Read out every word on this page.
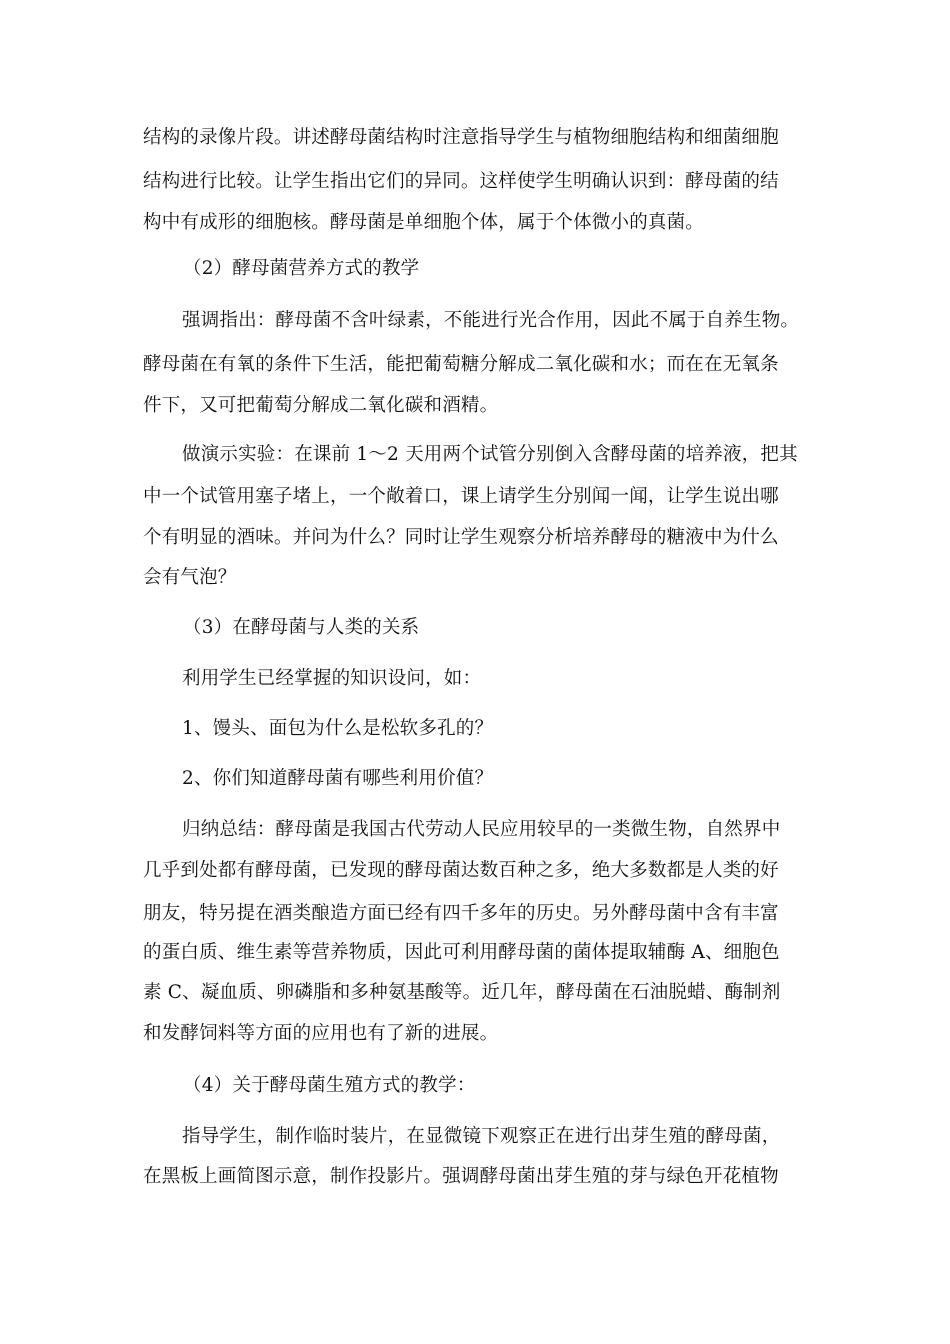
结构的录像片段。讲述酵母菌结构时注意指导学生与植物细胞结构和细菌细胞
结构进行比较。让学生指出它们的异同。这样使学生明确认识到：酵母菌的结
构中有成形的细胞核。酵母菌是单细胞个体，属于个体微小的真菌。
（2）酵母菌营养方式的教学
强调指出：酵母菌不含叶绿素，不能进行光合作用，因此不属于自养生物。
酵母菌在有氧的条件下生活，能把葡萄糖分解成二氧化碳和水；而在在无氧条
件下，又可把葡萄分解成二氧化碳和酒精。
做演示实验：在课前 1～2 天用两个试管分别倒入含酵母菌的培养液，把其
中一个试管用塞子堵上，一个敞着口，课上请学生分别闻一闻，让学生说出哪
个有明显的酒味。并问为什么？同时让学生观察分析培养酵母的糖液中为什么
会有气泡？
（3）在酵母菌与人类的关系
利用学生已经掌握的知识设问，如：
1、馒头、面包为什么是松软多孔的？
2、你们知道酵母菌有哪些利用价值？
归纳总结：酵母菌是我国古代劳动人民应用较早的一类微生物，自然界中
几乎到处都有酵母菌，已发现的酵母菌达数百种之多，绝大多数都是人类的好
朋友，特另提在酒类酿造方面已经有四千多年的历史。另外酵母菌中含有丰富
的蛋白质、维生素等营养物质，因此可利用酵母菌的菌体提取辅酶 A、细胞色
素 C、凝血质、卵磷脂和多种氨基酸等。近几年，酵母菌在石油脱蜡、酶制剂
和发酵饲料等方面的应用也有了新的进展。
（4）关于酵母菌生殖方式的教学：
指导学生，制作临时装片，在显微镜下观察正在进行出芽生殖的酵母菌，
在黑板上画简图示意，制作投影片。强调酵母菌出芽生殖的芽与绿色开花植物
